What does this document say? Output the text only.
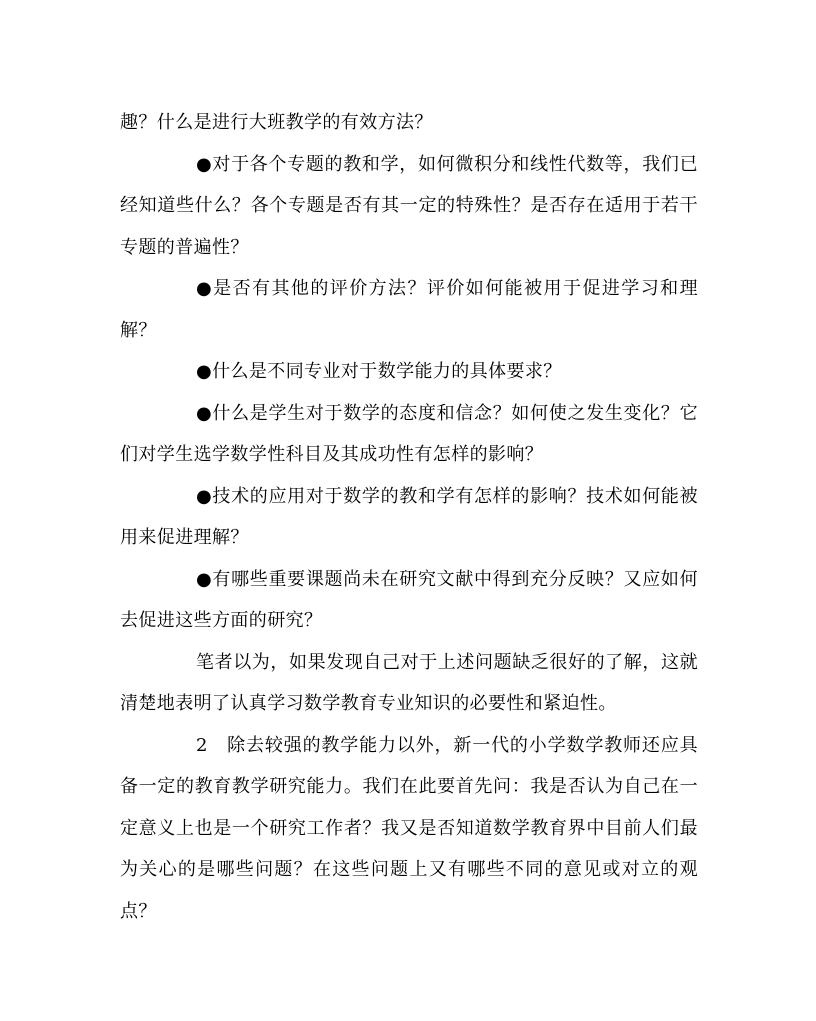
趣？什么是进行大班教学的有效方法？

●对于各个专题的教和学，如何微积分和线性代数等，我们已经知道些什么？各个专题是否有其一定的特殊性？是否存在适用于若干专题的普遍性？

●是否有其他的评价方法？评价如何能被用于促进学习和理解？

●什么是不同专业对于数学能力的具体要求？

●什么是学生对于数学的态度和信念？如何使之发生变化？它们对学生选学数学性科目及其成功性有怎样的影响？

●技术的应用对于数学的教和学有怎样的影响？技术如何能被用来促进理解？

●有哪些重要课题尚未在研究文献中得到充分反映？又应如何去促进这些方面的研究？

笔者以为，如果发现自己对于上述问题缺乏很好的了解，这就清楚地表明了认真学习数学教育专业知识的必要性和紧迫性。

2　除去较强的教学能力以外，新一代的小学数学教师还应具备一定的教育教学研究能力。我们在此要首先问：我是否认为自己在一定意义上也是一个研究工作者？我又是否知道数学教育界中目前人们最为关心的是哪些问题？在这些问题上又有哪些不同的意见或对立的观点？
